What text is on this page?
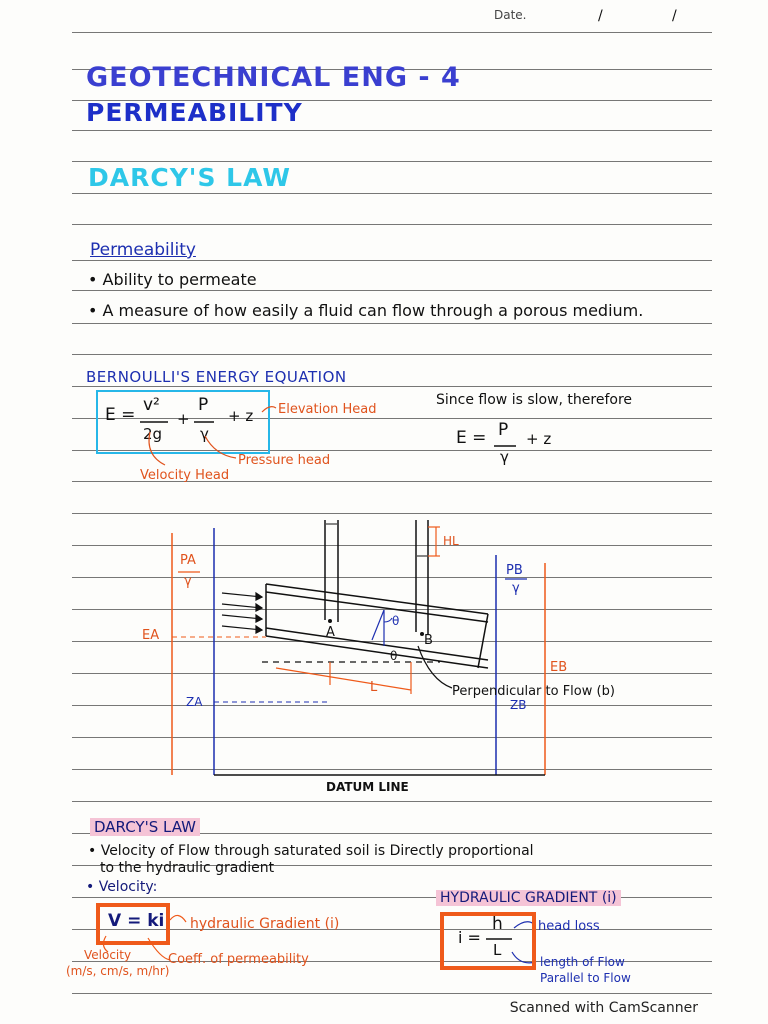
Date.	/	/
GEOTECHNICAL ENG - 4
PERMEABILITY
DARCY'S LAW
Permeability
• Ability to permeate
• A measure of how easily a fluid can flow through a porous medium.
BERNOULLI'S ENERGY EQUATION
E = v²
2g
+
P
γ
+ z Elevation Head
Pressure head
Velocity Head
Since flow is slow, therefore
E = P
γ
+ z
PA
γ
PB
γ
EA
EB
ZA	ZB
HL
A
B
L
θ
θ
Perpendicular to Flow (b)
DATUM LINE
DARCY'S LAW
• Velocity of Flow through saturated soil is Directly proportional
to the hydraulic gradient
• Velocity:
V = ki hydraulic Gradient (i)
Coeff. of permeability
Velocity
(m/s, cm/s, m/hr)
HYDRAULIC GRADIENT (i)
i =
h
L
head loss
length of Flow
Parallel to Flow
Scanned with CamScanner
